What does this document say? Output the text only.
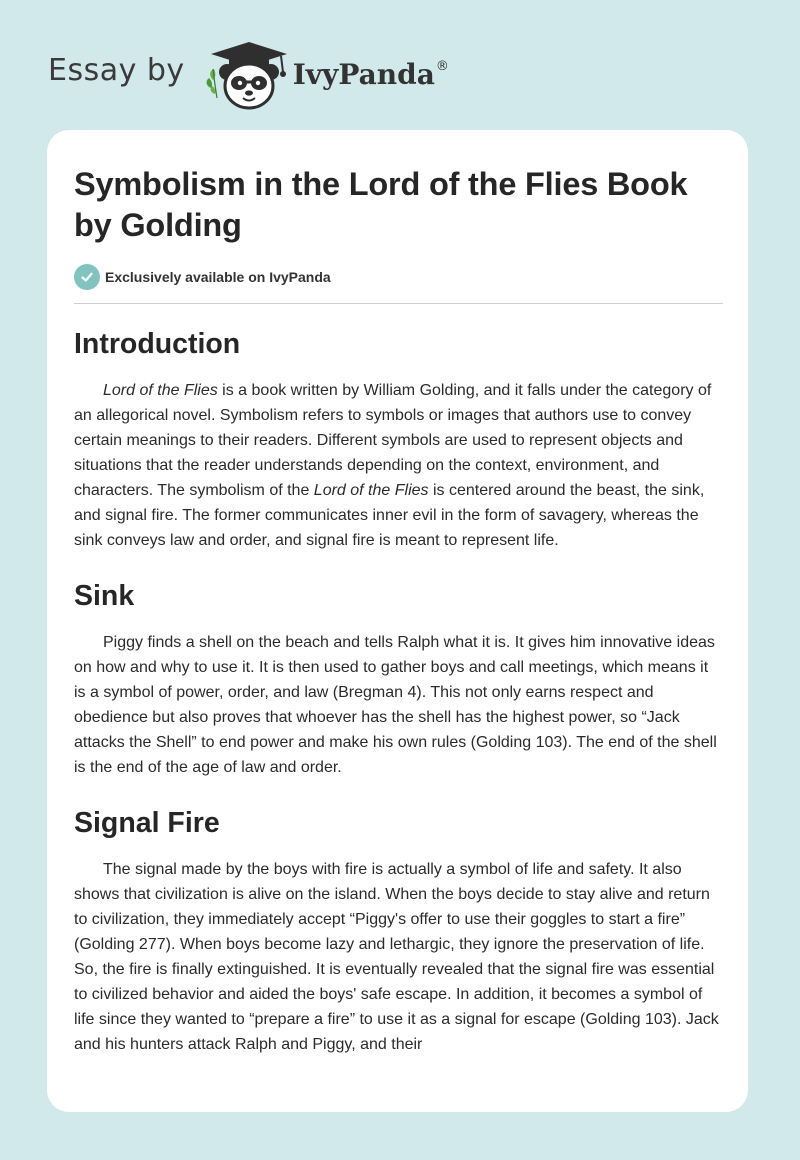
Essay by	IvyPanda®
Symbolism in the Lord of the Flies Book by Golding
Exclusively available on IvyPanda
Introduction

Lord of the Flies is a book written by William Golding, and it falls under the category of an allegorical novel. Symbolism refers to symbols or images that authors use to convey certain meanings to their readers. Different symbols are used to represent objects and situations that the reader understands depending on the context, environment, and characters. The symbolism of the Lord of the Flies is centered around the beast, the sink, and signal fire. The former communicates inner evil in the form of savagery, whereas the sink conveys law and order, and signal fire is meant to represent life.

Sink

Piggy finds a shell on the beach and tells Ralph what it is. It gives him innovative ideas on how and why to use it. It is then used to gather boys and call meetings, which means it is a symbol of power, order, and law (Bregman 4). This not only earns respect and obedience but also proves that whoever has the shell has the highest power, so “Jack attacks the Shell” to end power and make his own rules (Golding 103). The end of the shell is the end of the age of law and order.

Signal Fire

The signal made by the boys with fire is actually a symbol of life and safety. It also shows that civilization is alive on the island. When the boys decide to stay alive and return to civilization, they immediately accept “Piggy's offer to use their goggles to start a fire” (Golding 277). When boys become lazy and lethargic, they ignore the preservation of life. So, the fire is finally extinguished. It is eventually revealed that the signal fire was essential to civilized behavior and aided the boys' safe escape. In addition, it becomes a symbol of life since they wanted to “prepare a fire” to use it as a signal for escape (Golding 103). Jack and his hunters attack Ralph and Piggy, and their
